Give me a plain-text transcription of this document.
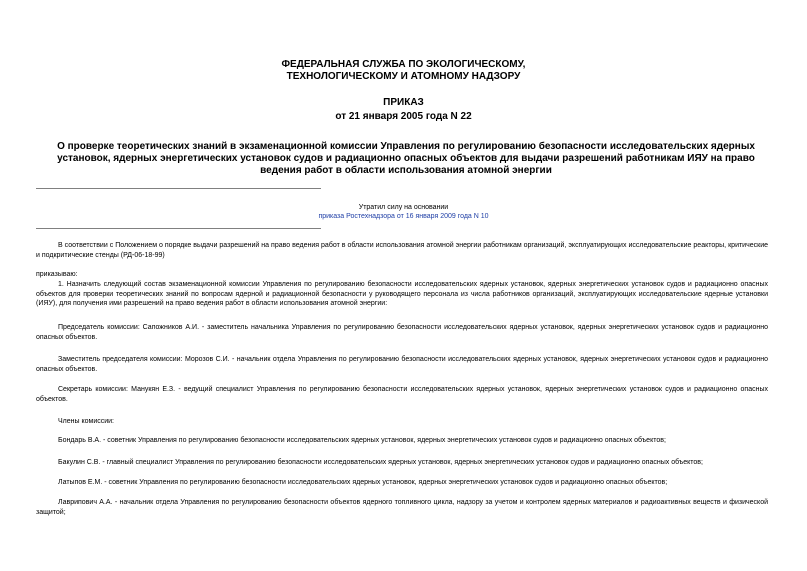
ФЕДЕРАЛЬНАЯ СЛУЖБА ПО ЭКОЛОГИЧЕСКОМУ,
ТЕХНОЛОГИЧЕСКОМУ И АТОМНОМУ НАДЗОРУ
ПРИКАЗ
от 21 января 2005 года N 22
О проверке теоретических знаний в экзаменационной комиссии Управления по регулированию безопасности исследовательских ядерных установок, ядерных энергетических установок судов и радиационно опасных объектов для выдачи разрешений работникам ИЯУ на право ведения работ в области использования атомной энергии
Утратил силу на основании
приказа Ростехнадзора от 16 января 2009 года N 10

В соответствии с Положением о порядке выдачи разрешений на право ведения работ в области использования атомной энергии работникам организаций, эксплуатирующих исследовательские реакторы, критические и подкритические стенды (РД-06-18-99)

приказываю:

1. Назначить следующий состав экзаменационной комиссии Управления по регулированию безопасности исследовательских ядерных установок, ядерных энергетических установок судов и радиационно опасных объектов для проверки теоретических знаний по вопросам ядерной и радиационной безопасности у руководящего персонала из числа работников организаций, эксплуатирующих исследовательские ядерные установки (ИЯУ), для получения ими разрешений на право ведения работ в области использования атомной энергии:

Председатель комиссии: Сапожников А.И. - заместитель начальника Управления по регулированию безопасности исследовательских ядерных установок, ядерных энергетических установок судов и радиационно опасных объектов.

Заместитель председателя комиссии: Морозов С.И. - начальник отдела Управления по регулированию безопасности исследовательских ядерных установок, ядерных энергетических установок судов и радиационно опасных объектов.

Секретарь комиссии: Манукян Е.З. - ведущий специалист Управления по регулированию безопасности исследовательских ядерных установок, ядерных энергетических установок судов и радиационно опасных объектов.

Члены комиссии:

Бондарь В.А. - советник Управления по регулированию безопасности исследовательских ядерных установок, ядерных энергетических установок судов и радиационно опасных объектов;

Бакулин С.В. - главный специалист Управления по регулированию безопасности исследовательских ядерных установок, ядерных энергетических установок судов и радиационно опасных объектов;

Латыпов Е.М. - советник Управления по регулированию безопасности исследовательских ядерных установок, ядерных энергетических установок судов и радиационно опасных объектов;

Лаврипович А.А. - начальник отдела Управления по регулированию безопасности объектов ядерного топливного цикла, надзору за учетом и контролем ядерных материалов и радиоактивных веществ и физической защитой;
